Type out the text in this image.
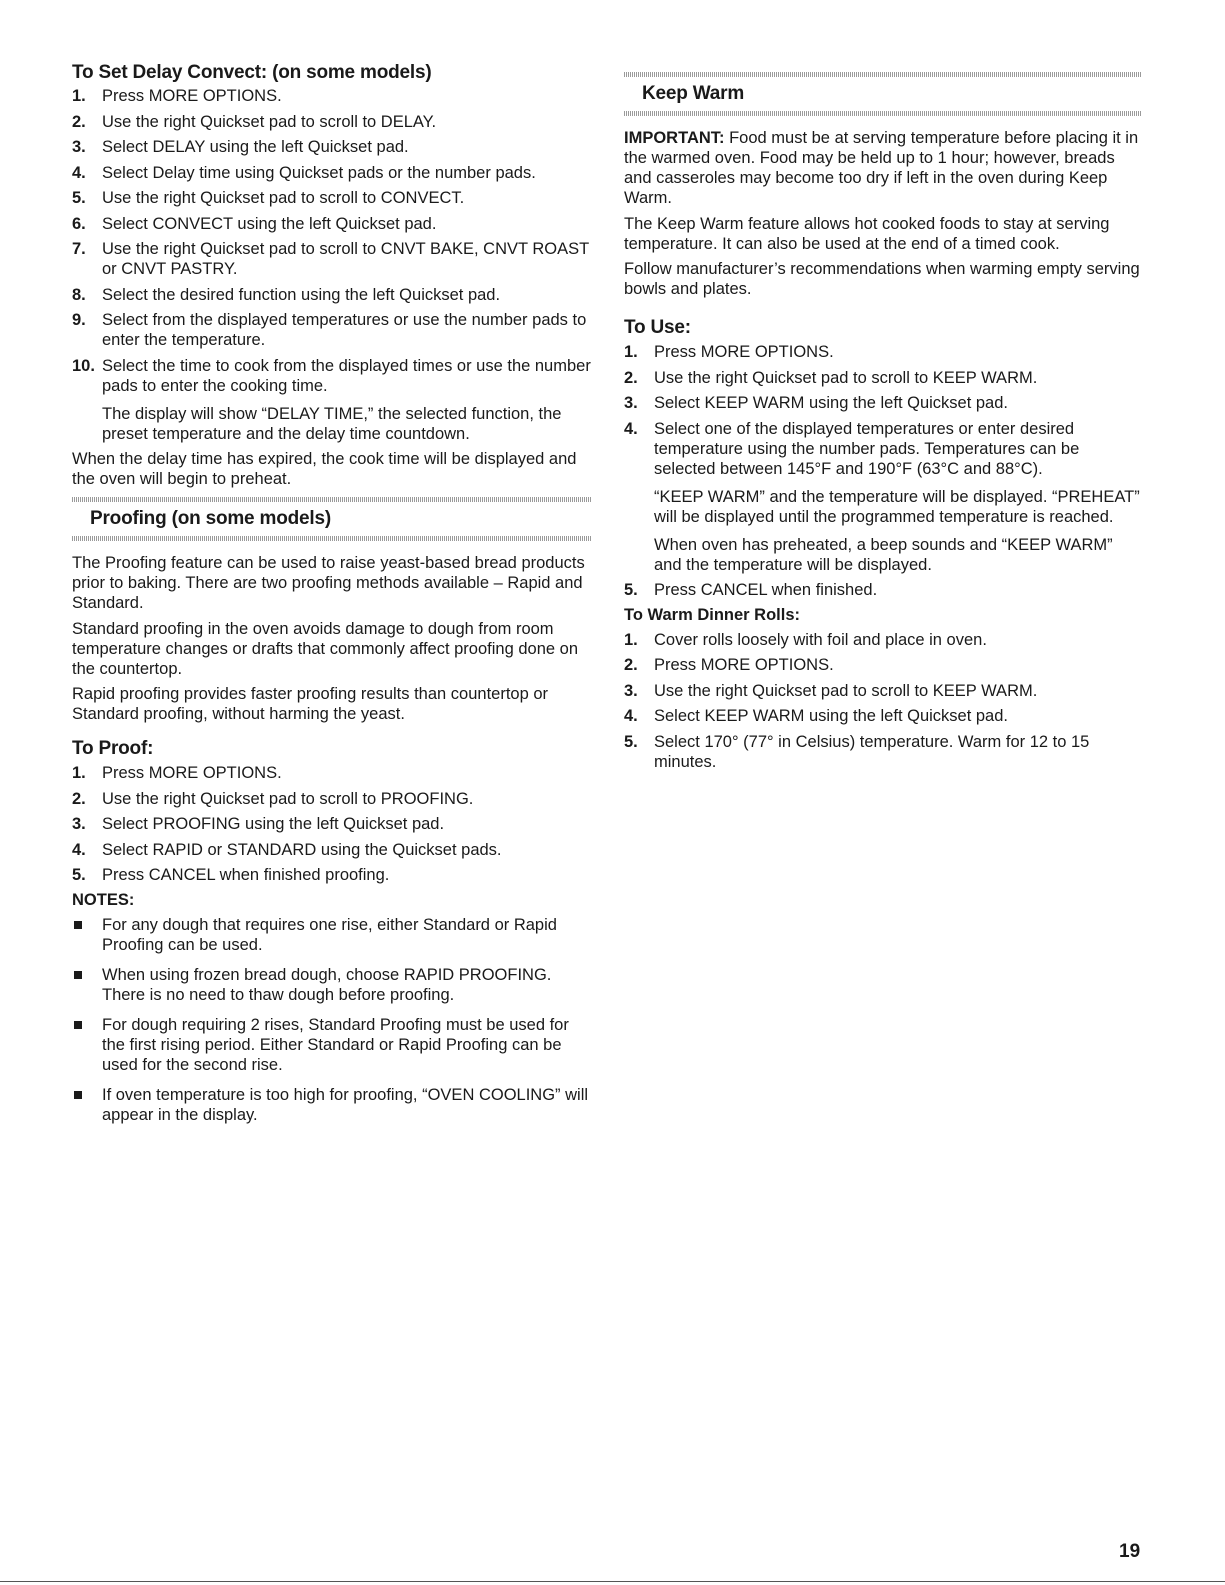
To Set Delay Convect: (on some models)
1. Press MORE OPTIONS.
2. Use the right Quickset pad to scroll to DELAY.
3. Select DELAY using the left Quickset pad.
4. Select Delay time using Quickset pads or the number pads.
5. Use the right Quickset pad to scroll to CONVECT.
6. Select CONVECT using the left Quickset pad.
7. Use the right Quickset pad to scroll to CNVT BAKE, CNVT ROAST or CNVT PASTRY.
8. Select the desired function using the left Quickset pad.
9. Select from the displayed temperatures or use the number pads to enter the temperature.
10. Select the time to cook from the displayed times or use the number pads to enter the cooking time.
The display will show “DELAY TIME,” the selected function, the preset temperature and the delay time countdown.

When the delay time has expired, the cook time will be displayed and the oven will begin to preheat.

Proofing (on some models)

The Proofing feature can be used to raise yeast-based bread products prior to baking. There are two proofing methods available – Rapid and Standard.

Standard proofing in the oven avoids damage to dough from room temperature changes or drafts that commonly affect proofing done on the countertop.

Rapid proofing provides faster proofing results than countertop or Standard proofing, without harming the yeast.

To Proof:
1. Press MORE OPTIONS.
2. Use the right Quickset pad to scroll to PROOFING.
3. Select PROOFING using the left Quickset pad.
4. Select RAPID or STANDARD using the Quickset pads.
5. Press CANCEL when finished proofing.
NOTES:
For any dough that requires one rise, either Standard or Rapid Proofing can be used.
When using frozen bread dough, choose RAPID PROOFING. There is no need to thaw dough before proofing.
For dough requiring 2 rises, Standard Proofing must be used for the first rising period. Either Standard or Rapid Proofing can be used for the second rise.
If oven temperature is too high for proofing, “OVEN COOLING” will appear in the display.
Keep Warm

IMPORTANT: Food must be at serving temperature before placing it in the warmed oven. Food may be held up to 1 hour; however, breads and casseroles may become too dry if left in the oven during Keep Warm.

The Keep Warm feature allows hot cooked foods to stay at serving temperature. It can also be used at the end of a timed cook.

Follow manufacturer’s recommendations when warming empty serving bowls and plates.

To Use:
1. Press MORE OPTIONS.
2. Use the right Quickset pad to scroll to KEEP WARM.
3. Select KEEP WARM using the left Quickset pad.
4. Select one of the displayed temperatures or enter desired temperature using the number pads. Temperatures can be selected between 145°F and 190°F (63°C and 88°C).
“KEEP WARM” and the temperature will be displayed. “PREHEAT” will be displayed until the programmed temperature is reached.
When oven has preheated, a beep sounds and “KEEP WARM” and the temperature will be displayed.
5. Press CANCEL when finished.
To Warm Dinner Rolls:
1. Cover rolls loosely with foil and place in oven.
2. Press MORE OPTIONS.
3. Use the right Quickset pad to scroll to KEEP WARM.
4. Select KEEP WARM using the left Quickset pad.
5. Select 170° (77° in Celsius) temperature. Warm for 12 to 15 minutes.
19
